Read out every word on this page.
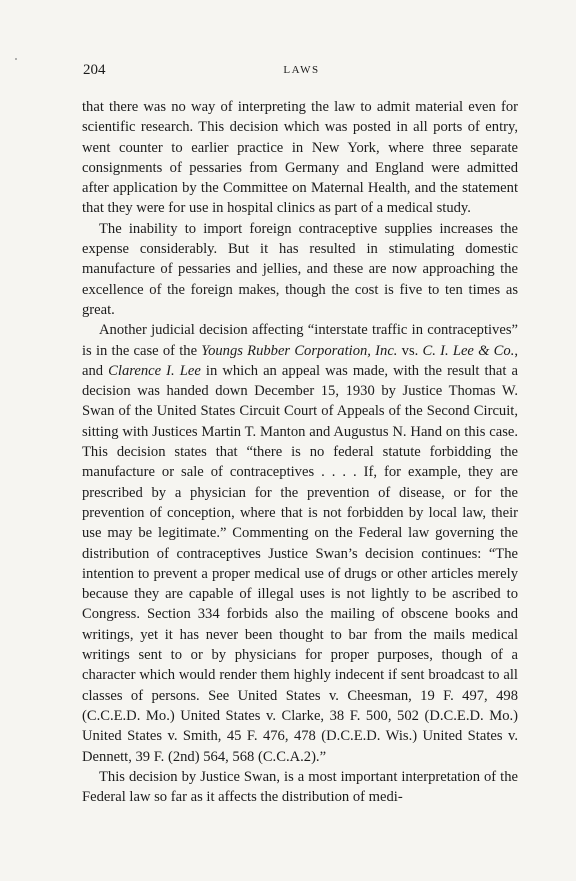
204	LAWS

that there was no way of interpreting the law to admit material even for scientific research. This decision which was posted in all ports of entry, went counter to earlier practice in New York, where three separate consignments of pessaries from Germany and England were admitted after application by the Committee on Maternal Health, and the statement that they were for use in hospital clinics as part of a medical study.

The inability to import foreign contraceptive supplies increases the expense considerably. But it has resulted in stimulating domestic manufacture of pessaries and jellies, and these are now approaching the excellence of the foreign makes, though the cost is five to ten times as great.

Another judicial decision affecting “interstate traffic in contraceptives” is in the case of the Youngs Rubber Corporation, Inc. vs. C. I. Lee & Co., and Clarence I. Lee in which an appeal was made, with the result that a decision was handed down December 15, 1930 by Justice Thomas W. Swan of the United States Circuit Court of Appeals of the Second Circuit, sitting with Justices Martin T. Manton and Augustus N. Hand on this case. This decision states that “there is no federal statute forbidding the manufacture or sale of contraceptives . . . . If, for example, they are prescribed by a physician for the prevention of disease, or for the prevention of conception, where that is not forbidden by local law, their use may be legitimate.” Commenting on the Federal law governing the distribution of contraceptives Justice Swan’s decision continues: “The intention to prevent a proper medical use of drugs or other articles merely because they are capable of illegal uses is not lightly to be ascribed to Congress. Section 334 forbids also the mailing of obscene books and writings, yet it has never been thought to bar from the mails medical writings sent to or by physicians for proper purposes, though of a character which would render them highly indecent if sent broadcast to all classes of persons. See United States v. Cheesman, 19 F. 497, 498 (C.C.E.D. Mo.) United States v. Clarke, 38 F. 500, 502 (D.C.E.D. Mo.) United States v. Smith, 45 F. 476, 478 (D.C.E.D. Wis.) United States v. Dennett, 39 F. (2nd) 564, 568 (C.C.A.2).”

This decision by Justice Swan, is a most important interpretation of the Federal law so far as it affects the distribution of medi-
